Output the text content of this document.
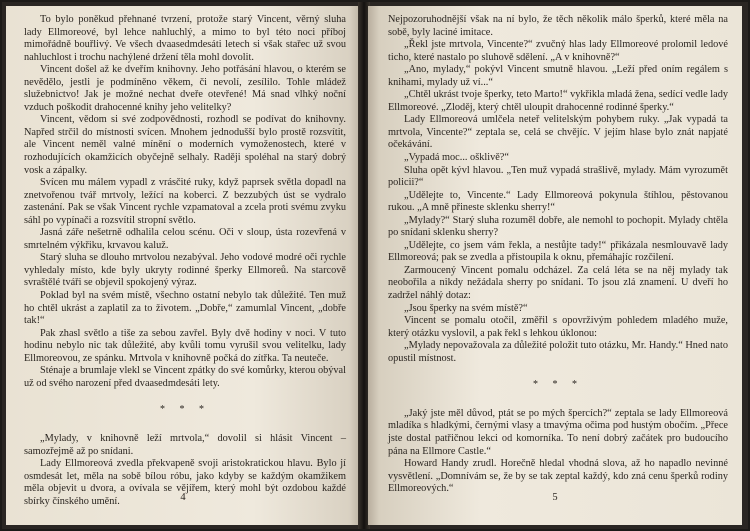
To bylo poněkud přehnané tvrzení, protože starý Vincent, věrný sluha lady Ellmoreové, byl lehce nahluchlý, a mimo to byl této noci příboj mimořádně bouřlivý. Ve všech dvaasedmdesáti letech si však stařec už svou nahluchlost i trochu nachýlené držení těla mohl dovolit.

Vincent došel až ke dveřím knihovny. Jeho potřásání hlavou, o kterém se nevědělo, jestli je podmíněno věkem, či nevolí, zesílilo. Tohle mládež služebnictvo! Jak je možné nechat dveře otevřené! Má snad vlhký noční vzduch poškodit drahocenné knihy jeho velitelky?

Vincent, vědom si své zodpovědnosti, rozhodl se podívat do knihovny. Napřed strčil do místnosti svícen. Mnohem jednodušší bylo prostě rozsvítit, ale Vincent neměl valné mínění o moderních vymoženostech, které v rozhodujících okamžicích obyčejně selhaly. Raději spoléhal na starý dobrý vosk a zápalky.

Svícen mu málem vypadl z vrásčité ruky, když paprsek světla dopadl na znetvořenou tvář mrtvoly, ležící na koberci. Z bezzubých úst se vydralo zastenání. Pak se však Vincent rychle vzpamatoval a zcela proti svému zvyku sáhl po vypínači a rozsvítil stropní světlo.

Jasná záře nešetrně odhalila celou scénu. Oči v sloup, ústa rozevřená v smrtelném výkřiku, krvavou kaluž.

Starý sluha se dlouho mrtvolou nezabýval. Jeho vodové modré oči rychle vyhledaly místo, kde byly ukryty rodinné šperky Ellmoreů. Na starcově svraštělé tváři se objevil spokojený výraz.

Poklad byl na svém místě, všechno ostatní nebylo tak důležité. Ten muž ho chtěl ukrást a zaplatil za to životem. „Dobře,“ zamumlal Vincent, „dobře tak!“

Pak zhasl světlo a tiše za sebou zavřel. Byly dvě hodiny v noci. V tuto hodinu nebylo nic tak důležité, aby kvůli tomu vyrušil svou velitelku, lady Ellmoreovou, ze spánku. Mrtvola v knihovně počká do zítřka. Ta neuteče.

Sténaje a brumlaje vlekl se Vincent zpátky do své komůrky, kterou obýval už od svého narození před dvaasedmdesáti lety.

* * *

„Mylady, v knihovně leží mrtvola,“ dovolil si hlásit Vincent – samozřejmě až po snídani.

Lady Ellmoreová zvedla překvapeně svoji aristokratickou hlavu. Bylo jí osmdesát let, měla na sobě bílou róbu, jako kdyby se každým okamžikem měla objevit u dvora, a ovívala se vějířem, který mohl být ozdobou každé sbírky čínského umění.	4

Nejpozoruhodnější však na ní bylo, že těch několik málo šperků, které měla na sobě, byly laciné imitace.

„Řekl jste mrtvola, Vincente?“ zvučný hlas lady Ellmoreové prolomil ledové ticho, které nastalo po sluhově sdělení. „A v knihovně?“

„Ano, mylady,“ pokývl Vincent smutně hlavou. „Leží před oním regálem s knihami, mylady už ví...“

„Chtěl ukrást tvoje šperky, teto Marto!“ vykřikla mladá žena, sedící vedle lady Ellmoreové. „Zloděj, který chtěl uloupit drahocenné rodinné šperky.“

Lady Ellmoreová umlčela neteř velitelským pohybem ruky. „Jak vypadá ta mrtvola, Vincente?“ zeptala se, celá se chvějíc. V jejím hlase bylo znát napjaté očekávání.

„Vypadá moc... ošklivě?“

Sluha opět kývl hlavou. „Ten muž vypadá strašlivě, mylady. Mám vyrozumět policii?“

„Udělejte to, Vincente.“ Lady Ellmoreová pokynula štíhlou, pěstovanou rukou. „A mně přineste sklenku sherry!“

„Mylady?“ Starý sluha rozuměl dobře, ale nemohl to pochopit. Mylady chtěla po snídani sklenku sherry?

„Udělejte, co jsem vám řekla, a nestůjte tady!“ přikázala nesmlouvavě lady Ellmoreová; pak se zvedla a přistoupila k oknu, přemáhajíc rozčilení.

Zarmoucený Vincent pomalu odcházel. Za celá léta se na něj mylady tak neobořila a nikdy nežádala sherry po snídani. To jsou zlá znamení. U dveří ho zadržel náhlý dotaz:

„Jsou šperky na svém místě?“

Vincent se pomalu otočil, změřil s opovrživým pohledem mladého muže, který otázku vyslovil, a pak řekl s lehkou úklonou:

„Mylady nepovažovala za důležité položit tuto otázku, Mr. Handy.“ Hned nato opustil místnost.

* * *

„Jaký jste měl důvod, ptát se po mých špercích?“ zeptala se lady Ellmoreová mladíka s hladkými, černými vlasy a tmavýma očima pod hustým obočím. „Přece jste dostal patřičnou lekci od komorníka. To není dobrý začátek pro budoucího pána na Ellmore Castle.“

Howard Handy zrudl. Horečně hledal vhodná slova, až ho napadlo nevinné vysvětlení. „Domnívám se, že by se tak zeptal každý, kdo zná cenu šperků rodiny Ellmoreových.“

5
